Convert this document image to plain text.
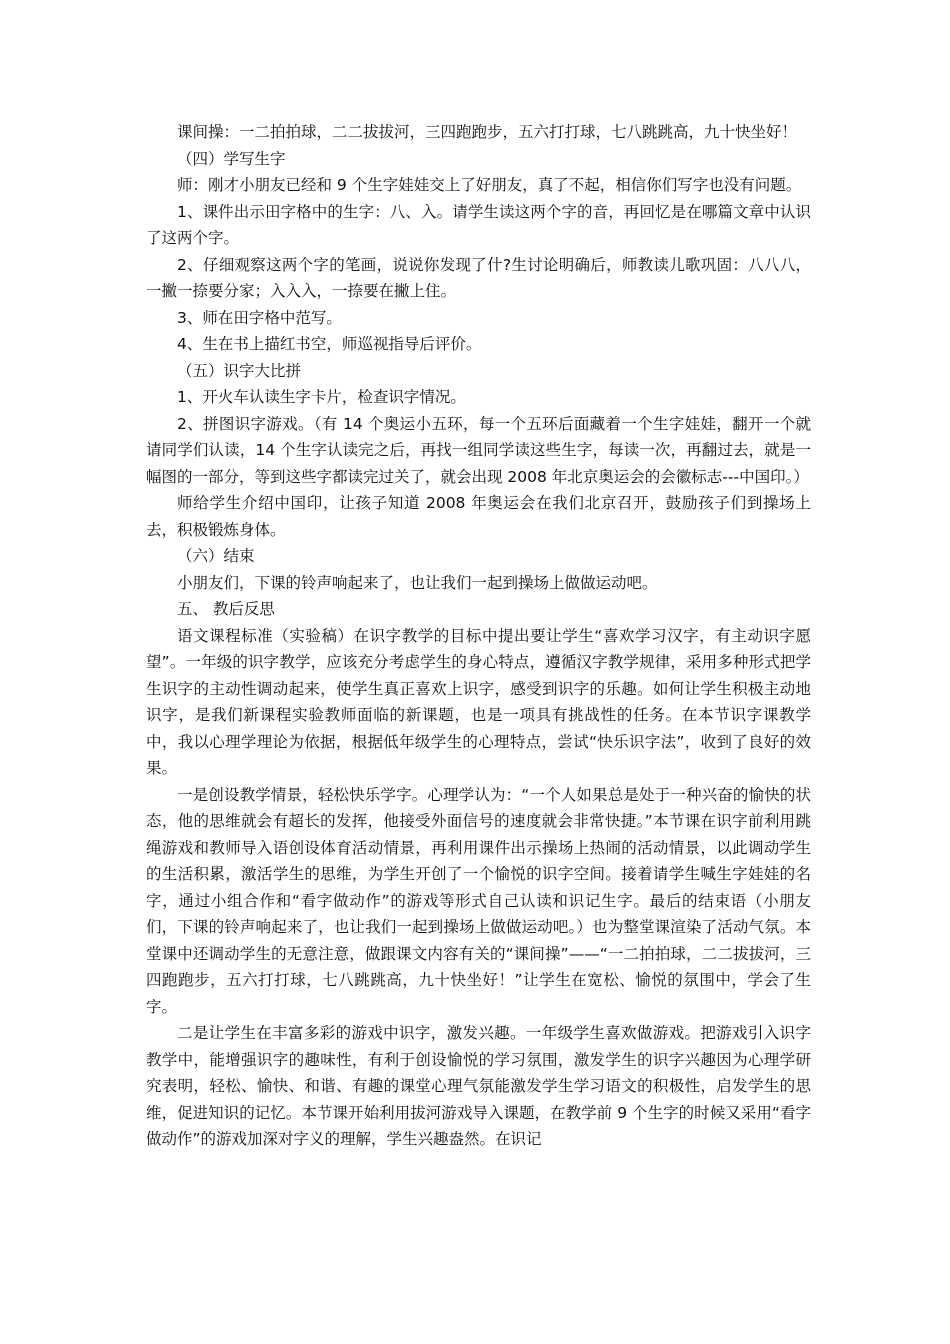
课间操：一二拍拍球，二二拔拔河，三四跑跑步，五六打打球，七八跳跳高，九十快坐好！

（四）学写生字

师：刚才小朋友已经和 9 个生字娃娃交上了好朋友，真了不起，相信你们写字也没有问题。

1、课件出示田字格中的生字：八、入。请学生读这两个字的音，再回忆是在哪篇文章中认识了这两个字。

2、仔细观察这两个字的笔画，说说你发现了什?生讨论明确后，师教读儿歌巩固：八八八，一撇一捺要分家；入入入，一捺要在撇上住。

3、师在田字格中范写。

4、生在书上描红书空，师巡视指导后评价。

（五）识字大比拼

1、开火车认读生字卡片，检查识字情况。

2、拼图识字游戏。（有 14 个奥运小五环，每一个五环后面藏着一个生字娃娃，翻开一个就请同学们认读，14 个生字认读完之后，再找一组同学读这些生字，每读一次，再翻过去，就是一幅图的一部分，等到这些字都读完过关了，就会出现 2008 年北京奥运会的会徽标志---中国印。）

师给学生介绍中国印，让孩子知道 2008 年奥运会在我们北京召开，鼓励孩子们到操场上去，积极锻炼身体。

（六）结束

小朋友们，下课的铃声响起来了，也让我们一起到操场上做做运动吧。

五、 教后反思

语文课程标准（实验稿）在识字教学的目标中提出要让学生“喜欢学习汉字，有主动识字愿望”。一年级的识字教学，应该充分考虑学生的身心特点，遵循汉字教学规律，采用多种形式把学生识字的主动性调动起来，使学生真正喜欢上识字，感受到识字的乐趣。如何让学生积极主动地识字，是我们新课程实验教师面临的新课题，也是一项具有挑战性的任务。在本节识字课教学中，我以心理学理论为依据，根据低年级学生的心理特点，尝试“快乐识字法”，收到了良好的效果。

一是创设教学情景，轻松快乐学字。心理学认为：“一个人如果总是处于一种兴奋的愉快的状态，他的思维就会有超长的发挥，他接受外面信号的速度就会非常快捷。”本节课在识字前利用跳绳游戏和教师导入语创设体育活动情景，再利用课件出示操场上热闹的活动情景，以此调动学生的生活积累，激活学生的思维，为学生开创了一个愉悦的识字空间。接着请学生喊生字娃娃的名字，通过小组合作和“看字做动作”的游戏等形式自己认读和识记生字。最后的结束语（小朋友们，下课的铃声响起来了，也让我们一起到操场上做做运动吧。）也为整堂课渲染了活动气氛。本堂课中还调动学生的无意注意，做跟课文内容有关的“课间操”——“一二拍拍球，二二拔拔河，三四跑跑步，五六打打球，七八跳跳高，九十快坐好！”让学生在宽松、愉悦的氛围中，学会了生字。

二是让学生在丰富多彩的游戏中识字，激发兴趣。一年级学生喜欢做游戏。把游戏引入识字教学中，能增强识字的趣味性，有利于创设愉悦的学习氛围，激发学生的识字兴趣因为心理学研究表明，轻松、愉快、和谐、有趣的课堂心理气氛能激发学生学习语文的积极性，启发学生的思维，促进知识的记忆。本节课开始利用拔河游戏导入课题，在教学前 9 个生字的时候又采用“看字做动作”的游戏加深对字义的理解，学生兴趣盎然。在识记
